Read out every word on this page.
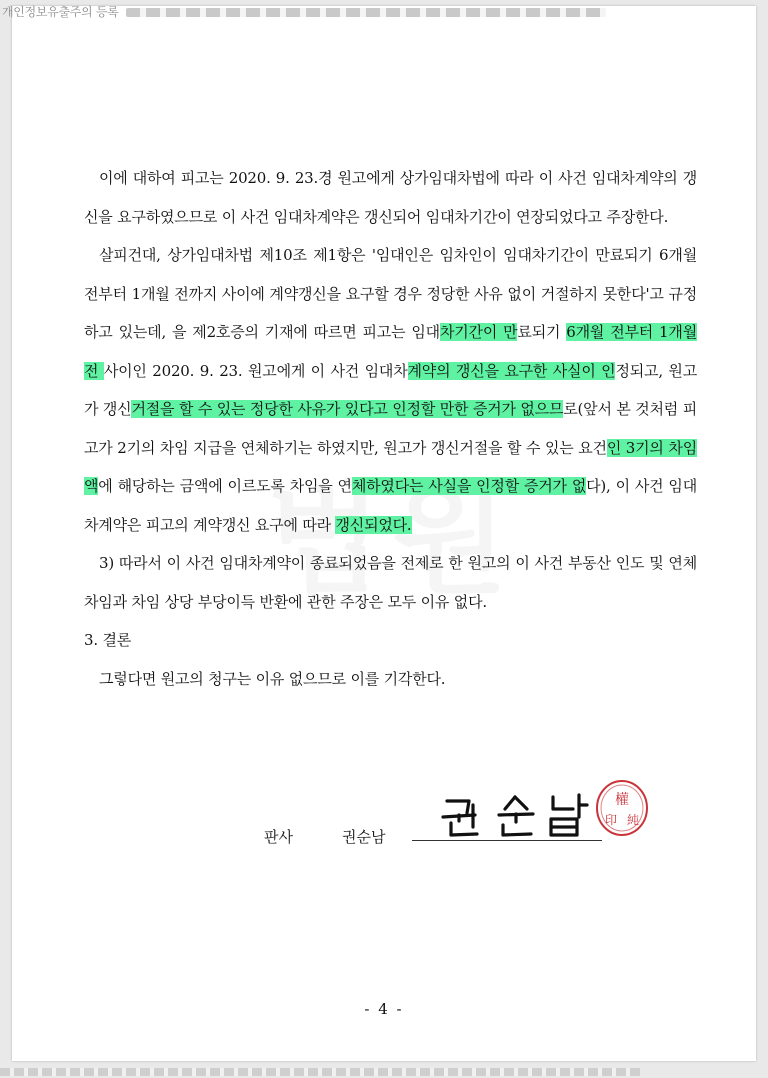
개인정보유출주의 등록

이에 대하여 피고는 2020. 9. 23.경 원고에게 상가임대차법에 따라 이 사건 임대차계약의 갱신을 요구하였으므로 이 사건 임대차계약은 갱신되어 임대차기간이 연장되었다고 주장한다.

살피건대, 상가임대차법 제10조 제1항은 '임대인은 임차인이 임대차기간이 만료되기 6개월 전부터 1개월 전까지 사이에 계약갱신을 요구할 경우 정당한 사유 없이 거절하지 못한다'고 규정하고 있는데, 을 제2호증의 기재에 따르면 피고는 임대차기간이 만료되기 6개월 전부터 1개월 전 사이인 2020. 9. 23. 원고에게 이 사건 임대차계약의 갱신을 요구한 사실이 인정되고, 원고가 갱신거절을 할 수 있는 정당한 사유가 있다고 인정할 만한 증거가 없으므로(앞서 본 것처럼 피고가 2기의 차임 지급을 연체하기는 하였지만, 원고가 갱신거절을 할 수 있는 요건인 3기의 차임액에 해당하는 금액에 이르도록 차임을 연체하였다는 사실을 인정할 증거가 없다), 이 사건 임대차계약은 피고의 계약갱신 요구에 따라 갱신되었다.

3) 따라서 이 사건 임대차계약이 종료되었음을 전제로 한 원고의 이 사건 부동산 인도 및 연체 차임과 차임 상당 부당이득 반환에 관한 주장은 모두 이유 없다.

3. 결론

그렇다면 원고의 청구는 이유 없으므로 이를 기각한다.

판사	권순남
權
印 純
- 4 -
